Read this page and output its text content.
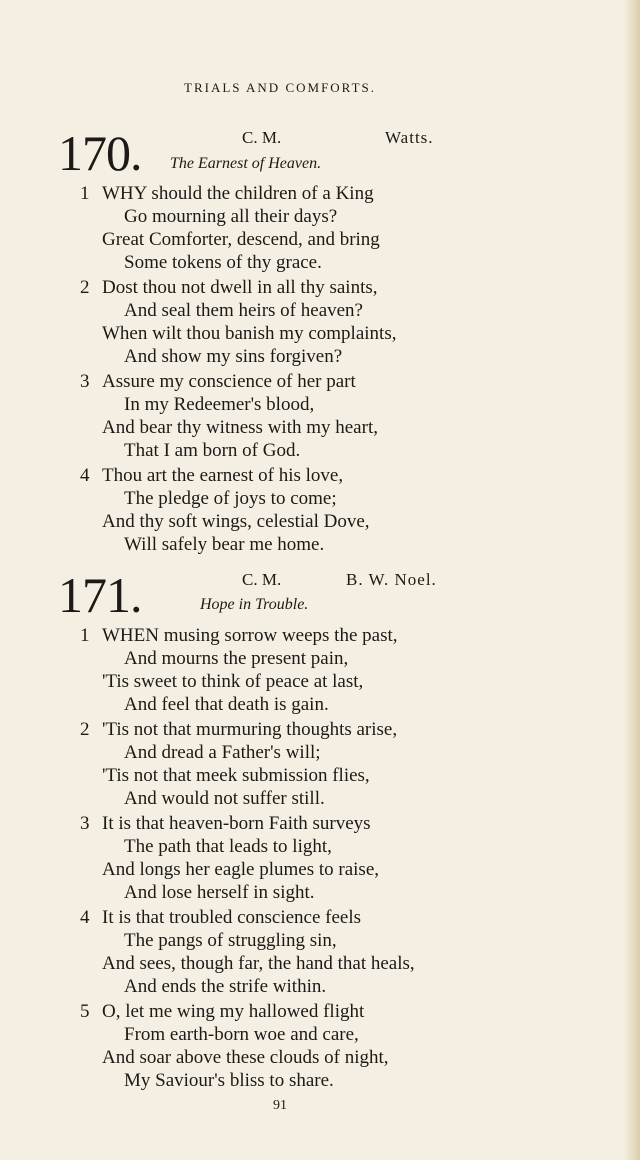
TRIALS AND COMFORTS.
170.	C. M.	Watts.
The Earnest of Heaven.
1 WHY should the children of a King
Go mourning all their days?
Great Comforter, descend, and bring
Some tokens of thy grace.
2 Dost thou not dwell in all thy saints,
And seal them heirs of heaven?
When wilt thou banish my complaints,
And show my sins forgiven?
3 Assure my conscience of her part
In my Redeemer's blood,
And bear thy witness with my heart,
That I am born of God.
4 Thou art the earnest of his love,
The pledge of joys to come;
And thy soft wings, celestial Dove,
Will safely bear me home.
171.	C. M.	B. W. Noel.
Hope in Trouble.
1 WHEN musing sorrow weeps the past,
And mourns the present pain,
'Tis sweet to think of peace at last,
And feel that death is gain.
2 'Tis not that murmuring thoughts arise,
And dread a Father's will;
'Tis not that meek submission flies,
And would not suffer still.
3 It is that heaven-born Faith surveys
The path that leads to light,
And longs her eagle plumes to raise,
And lose herself in sight.
4 It is that troubled conscience feels
The pangs of struggling sin,
And sees, though far, the hand that heals,
And ends the strife within.
5 O, let me wing my hallowed flight
From earth-born woe and care,
And soar above these clouds of night,
My Saviour's bliss to share.
91
